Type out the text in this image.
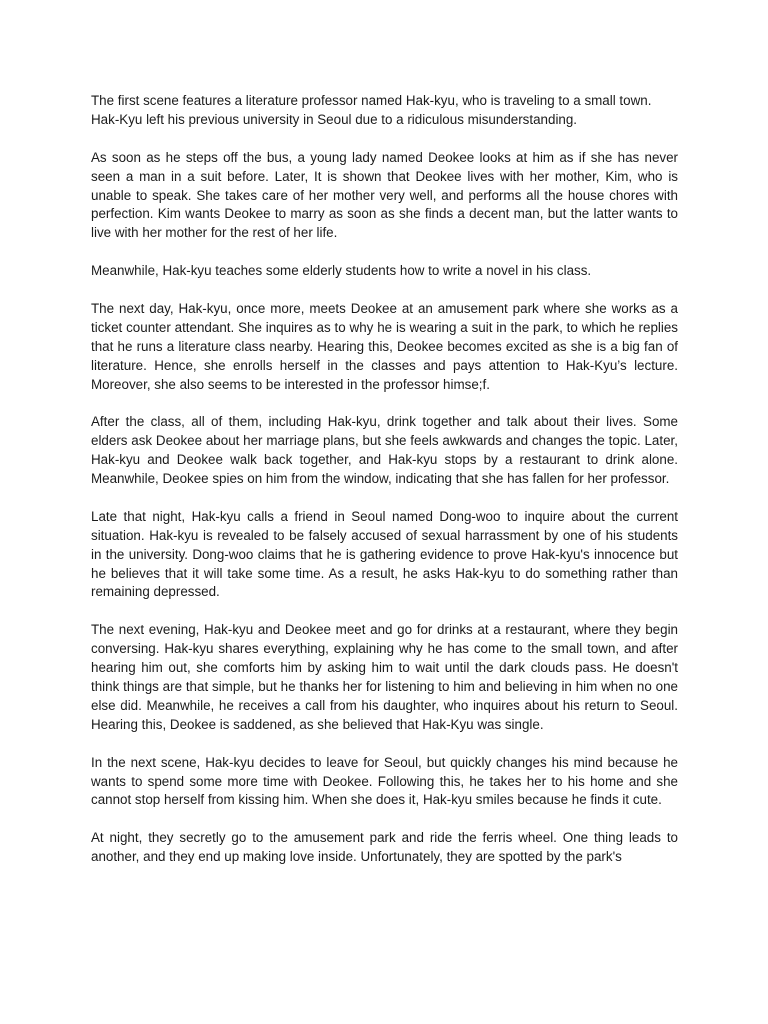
The first scene features a literature professor named Hak-kyu, who is traveling to a small town. Hak-Kyu left his previous university in Seoul due to a ridiculous misunderstanding.

As soon as he steps off the bus, a young lady named Deokee looks at him as if she has never seen a man in a suit before. Later, It is shown that Deokee lives with her mother, Kim, who is unable to speak. She takes care of her mother very well, and performs all the house chores with perfection. Kim wants Deokee to marry as soon as she finds a decent man, but the latter wants to live with her mother for the rest of her life.

Meanwhile, Hak-kyu teaches some elderly students how to write a novel in his class.

The next day, Hak-kyu, once more, meets Deokee at an amusement park where she works as a ticket counter attendant. She inquires as to why he is wearing a suit in the park, to which he replies that he runs a literature class nearby. Hearing this, Deokee becomes excited as she is a big fan of literature. Hence, she enrolls herself in the classes and pays attention to Hak-Kyu’s lecture. Moreover, she also seems to be interested in the professor himse;f.

After the class, all of them, including Hak-kyu, drink together and talk about their lives. Some elders ask Deokee about her marriage plans, but she feels awkwards and changes the topic. Later, Hak-kyu and Deokee walk back together, and Hak-kyu stops by a restaurant to drink alone. Meanwhile, Deokee spies on him from the window, indicating that she has fallen for her professor.

Late that night, Hak-kyu calls a friend in Seoul named Dong-woo to inquire about the current situation. Hak-kyu is revealed to be falsely accused of sexual harrassment by one of his students in the university. Dong-woo claims that he is gathering evidence to prove Hak-kyu's innocence but he believes that it will take some time. As a result, he asks Hak-kyu to do something rather than remaining depressed.

The next evening, Hak-kyu and Deokee meet and go for drinks at a restaurant, where they begin conversing. Hak-kyu shares everything, explaining why he has come to the small town, and after hearing him out, she comforts him by asking him to wait until the dark clouds pass. He doesn't think things are that simple, but he thanks her for listening to him and believing in him when no one else did. Meanwhile, he receives a call from his daughter, who inquires about his return to Seoul. Hearing this, Deokee is saddened, as she believed that Hak-Kyu was single.

In the next scene, Hak-kyu decides to leave for Seoul, but quickly changes his mind because he wants to spend some more time with Deokee. Following this, he takes her to his home and she cannot stop herself from kissing him. When she does it, Hak-kyu smiles because he finds it cute.

At night, they secretly go to the amusement park and ride the ferris wheel. One thing leads to another, and they end up making love inside. Unfortunately, they are spotted by the park's
